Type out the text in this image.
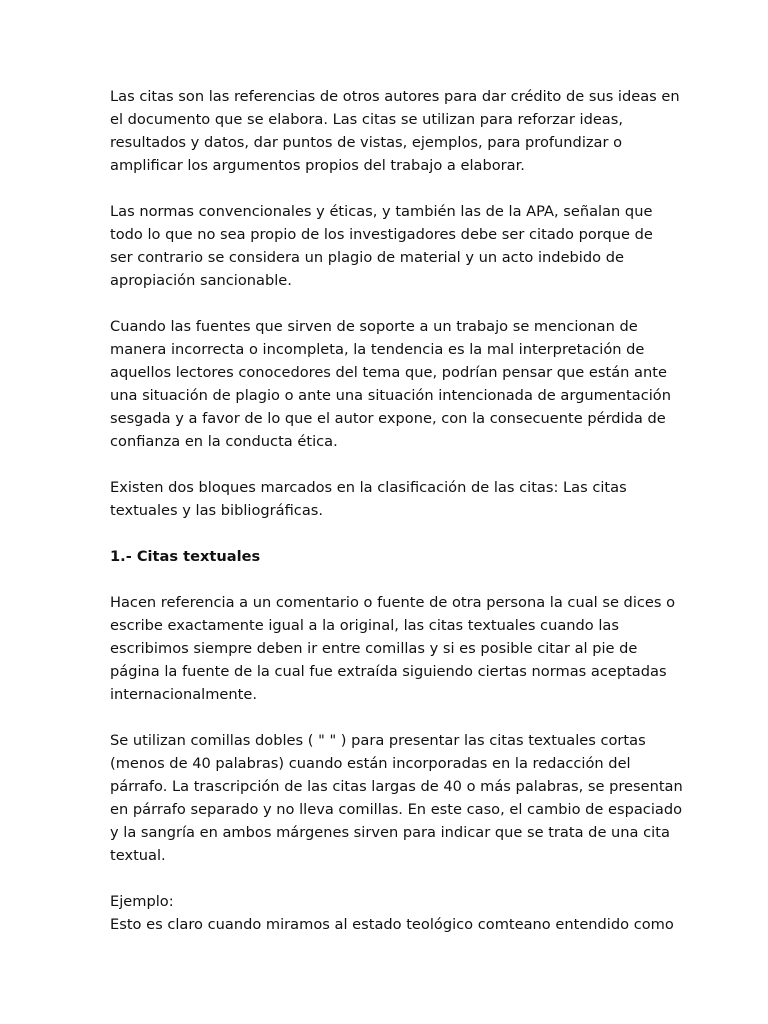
Las citas son las referencias de otros autores para dar crédito de sus ideas en
el documento que se elabora. Las citas se utilizan para reforzar ideas,
resultados y datos, dar puntos de vistas, ejemplos, para profundizar o
amplificar los argumentos propios del trabajo a elaborar.
Las normas convencionales y éticas, y también las de la APA, señalan que
todo lo que no sea propio de los investigadores debe ser citado porque de
ser contrario se considera un plagio de material y un acto indebido de
apropiación sancionable.
Cuando las fuentes que sirven de soporte a un trabajo se mencionan de
manera incorrecta o incompleta, la tendencia es la mal interpretación de
aquellos lectores conocedores del tema que, podrían pensar que están ante
una situación de plagio o ante una situación intencionada de argumentación
sesgada y a favor de lo que el autor expone, con la consecuente pérdida de
confianza en la conducta ética.
Existen dos bloques marcados en la clasificación de las citas: Las citas
textuales y las bibliográficas.
1.- Citas textuales
Hacen referencia a un comentario o fuente de otra persona la cual se dices o
escribe exactamente igual a la original, las citas textuales cuando las
escribimos siempre deben ir entre comillas y si es posible citar al pie de
página la fuente de la cual fue extraída siguiendo ciertas normas aceptadas
internacionalmente.
Se utilizan comillas dobles ( " " ) para presentar las citas textuales cortas
(menos de 40 palabras) cuando están incorporadas en la redacción del
párrafo. La trascripción de las citas largas de 40 o más palabras, se presentan
en párrafo separado y no lleva comillas. En este caso, el cambio de espaciado
y la sangría en ambos márgenes sirven para indicar que se trata de una cita
textual.
Ejemplo:
Esto es claro cuando miramos al estado teológico comteano entendido como
